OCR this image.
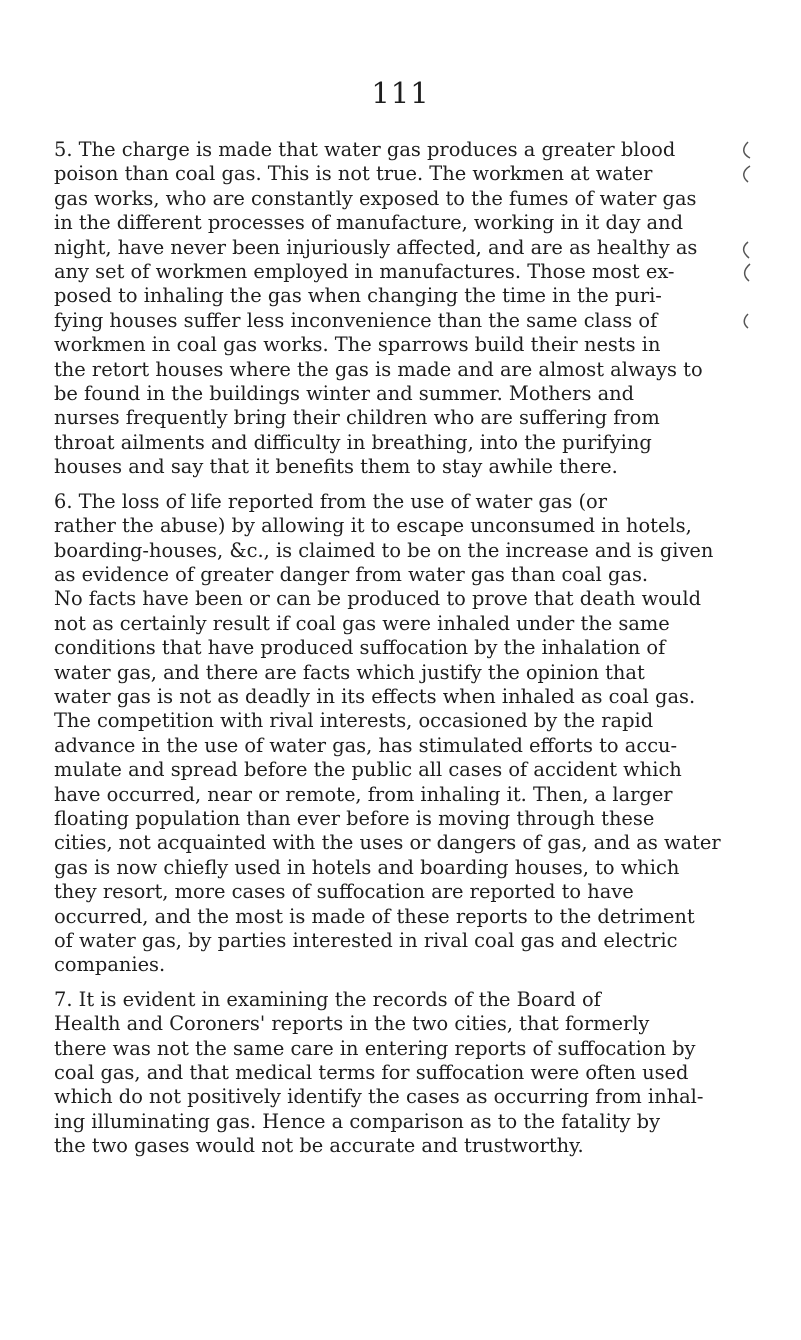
111
5. The charge is made that water gas produces a greater blood
poison than coal gas. This is not true. The workmen at water
gas works, who are constantly exposed to the fumes of water gas
in the different processes of manufacture, working in it day and
night, have never been injuriously affected, and are as healthy as
any set of workmen employed in manufactures. Those most ex-
posed to inhaling the gas when changing the time in the puri-
fying houses suffer less inconvenience than the same class of
workmen in coal gas works. The sparrows build their nests in
the retort houses where the gas is made and are almost always to
be found in the buildings winter and summer. Mothers and
nurses frequently bring their children who are suffering from
throat ailments and difficulty in breathing, into the purifying
houses and say that it benefits them to stay awhile there.
6. The loss of life reported from the use of water gas (or
rather the abuse) by allowing it to escape unconsumed in hotels,
boarding-houses, &c., is claimed to be on the increase and is given
as evidence of greater danger from water gas than coal gas.
No facts have been or can be produced to prove that death would
not as certainly result if coal gas were inhaled under the same
conditions that have produced suffocation by the inhalation of
water gas, and there are facts which justify the opinion that
water gas is not as deadly in its effects when inhaled as coal gas.
The competition with rival interests, occasioned by the rapid
advance in the use of water gas, has stimulated efforts to accu-
mulate and spread before the public all cases of accident which
have occurred, near or remote, from inhaling it. Then, a larger
floating population than ever before is moving through these
cities, not acquainted with the uses or dangers of gas, and as water
gas is now chiefly used in hotels and boarding houses, to which
they resort, more cases of suffocation are reported to have
occurred, and the most is made of these reports to the detriment
of water gas, by parties interested in rival coal gas and electric
companies.
7. It is evident in examining the records of the Board of
Health and Coroners' reports in the two cities, that formerly
there was not the same care in entering reports of suffocation by
coal gas, and that medical terms for suffocation were often used
which do not positively identify the cases as occurring from inhal-
ing illuminating gas. Hence a comparison as to the fatality by
the two gases would not be accurate and trustworthy.
